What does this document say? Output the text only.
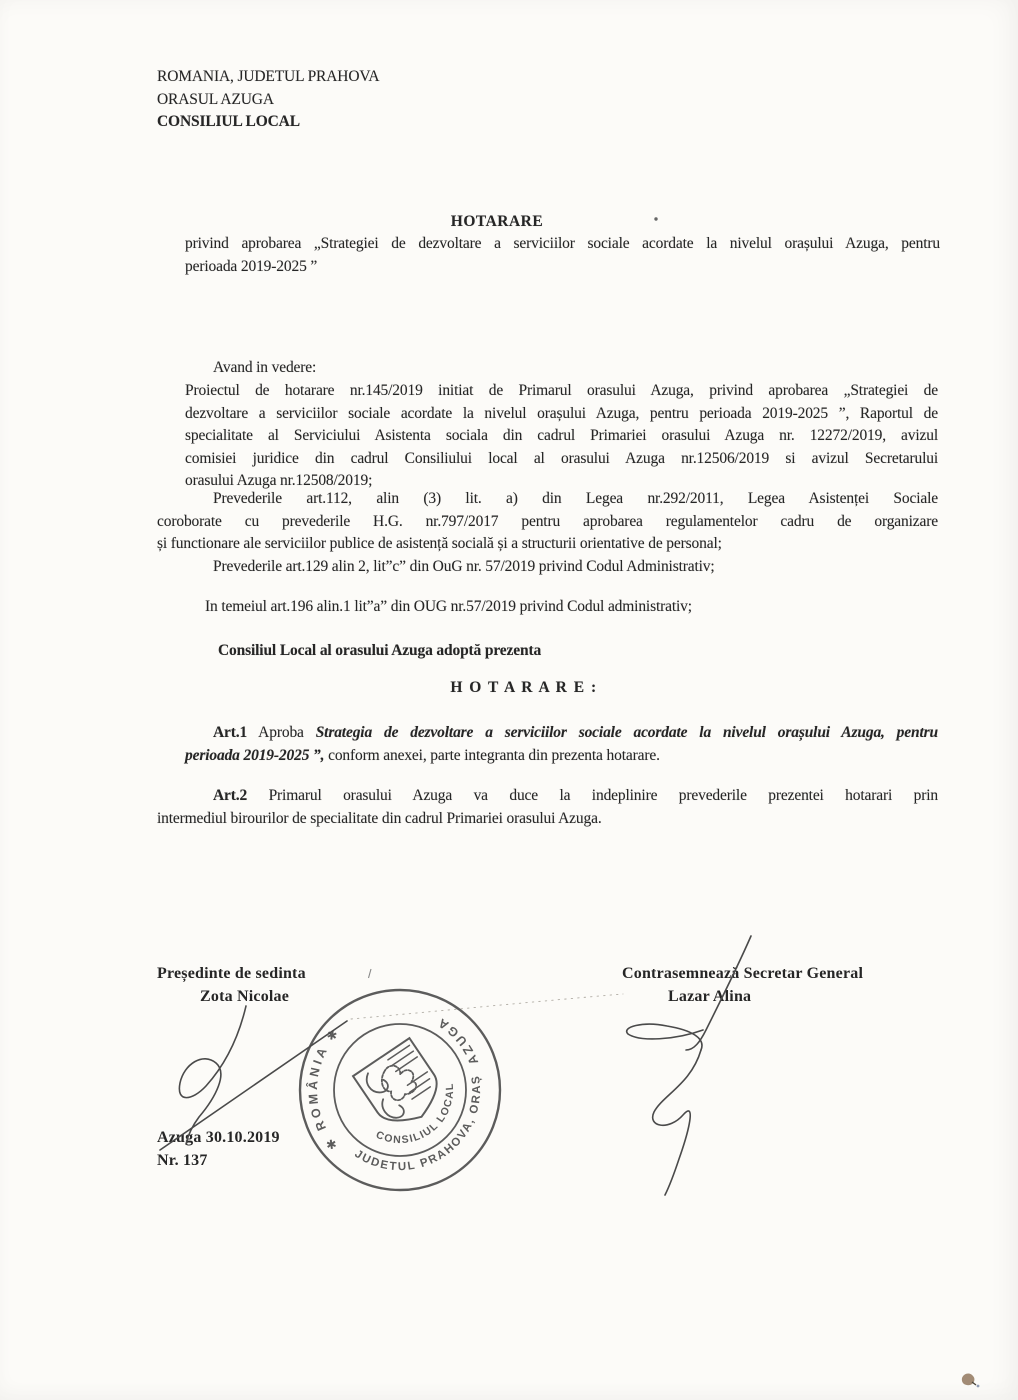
ROMANIA, JUDETUL PRAHOVA
ORASUL AZUGA
CONSILIUL LOCAL
HOTARARE
privind aprobarea „Strategiei de dezvoltare a serviciilor sociale acordate la nivelul orașului Azuga, pentru
perioada 2019-2025 ”
Avand in vedere:
Proiectul de hotarare nr.145/2019 initiat de Primarul orasului Azuga, privind aprobarea „Strategiei de
dezvoltare a serviciilor sociale acordate la nivelul orașului Azuga, pentru perioada 2019-2025 ”, Raportul de
specialitate al Serviciului Asistenta sociala din cadrul Primariei orasului Azuga nr. 12272/2019, avizul
comisiei juridice din cadrul Consiliului local al orasului Azuga nr.12506/2019 si avizul Secretarului
orasului Azuga nr.12508/2019;
Prevederile art.112, alin (3) lit. a) din Legea nr.292/2011, Legea Asistenței Sociale
coroborate cu prevederile H.G. nr.797/2017 pentru aprobarea regulamentelor cadru de organizare
și functionare ale serviciilor publice de asistență socială și a structurii orientative de personal;
Prevederile art.129 alin 2, lit”c” din OuG nr. 57/2019 privind Codul Administrativ;
In temeiul art.196 alin.1 lit”a” din OUG nr.57/2019 privind Codul administrativ;
Consiliul Local al orasului Azuga adoptă prezenta
H O T A R A R E :
Art.1 Aproba Strategia de dezvoltare a serviciilor sociale acordate la nivelul orașului Azuga, pentru
perioada 2019-2025 ”, conform anexei, parte integranta din prezenta hotarare.
Art.2 Primarul orasului Azuga va duce la indeplinire prevederile prezentei hotarari prin
intermediul birourilor de specialitate din cadrul Primariei orasului Azuga.
Președinte de sedinta
Zota Nicolae
Contrasemnează Secretar General
Lazar Alina
Azuga 30.10.2019
Nr. 137
✱ ROMÂNIA ✱
AZUGA
JUDETUL PRAHOVA, ORAȘ
CONSILIUL LOCAL
